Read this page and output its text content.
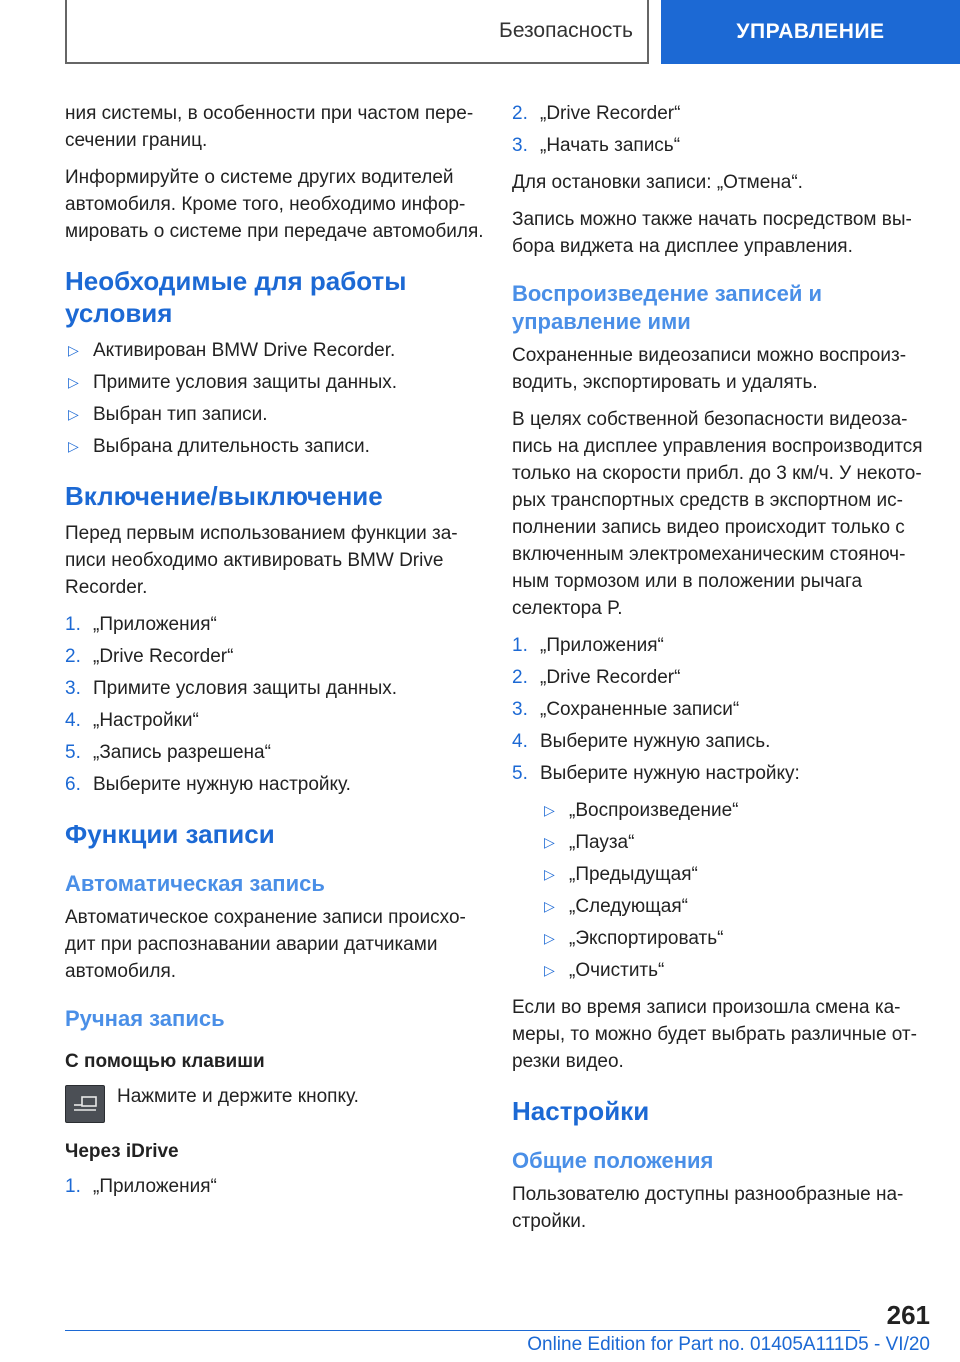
Безопасность	УПРАВЛЕНИЕ

ния системы, в особенности при частом пересечении границ.

Информируйте о системе других водителей автомобиля. Кроме того, необходимо информировать о системе при передаче автомобиля.

Необходимые для работы условия
▷ Активирован BMW Drive Recorder.
▷ Примите условия защиты данных.
▷ Выбран тип записи.
▷ Выбрана длительность записи.
Включение/выключение

Перед первым использованием функции записи необходимо активировать BMW Drive Recorder.

1. „Приложения“
2. „Drive Recorder“
3. Примите условия защиты данных.
4. „Настройки“
5. „Запись разрешена“
6. Выберите нужную настройку.
Функции записи
Автоматическая запись

Автоматическое сохранение записи происходит при распознавании аварии датчиками автомобиля.

Ручная запись
С помощью клавиши
Нажмите и держите кнопку.
Через iDrive
1. „Приложения“
2. „Drive Recorder“
3. „Начать запись“

Для остановки записи: „Отмена“.

Запись можно также начать посредством выбора виджета на дисплее управления.

Воспроизведение записей и управление ими

Сохраненные видеозаписи можно воспроизводить, экспортировать и удалять.

В целях собственной безопасности видеозапись на дисплее управления воспроизводится только на скорости прибл. до 3 км/ч. У некоторых транспортных средств в экспортном исполнении запись видео происходит только с включенным электромеханическим стояночным тормозом или в положении рычага селектора P.

1. „Приложения“
2. „Drive Recorder“
3. „Сохраненные записи“
4. Выберите нужную запись.
5. Выберите нужную настройку:
▷ „Воспроизведение“
▷ „Пауза“
▷ „Предыдущая“
▷ „Следующая“
▷ „Экспортировать“
▷ „Очистить“

Если во время записи произошла смена камеры, то можно будет выбрать различные отрезки видео.

Настройки
Общие положения

Пользователю доступны разнообразные настройки.

261
Online Edition for Part no. 01405A111D5 - VI/20
